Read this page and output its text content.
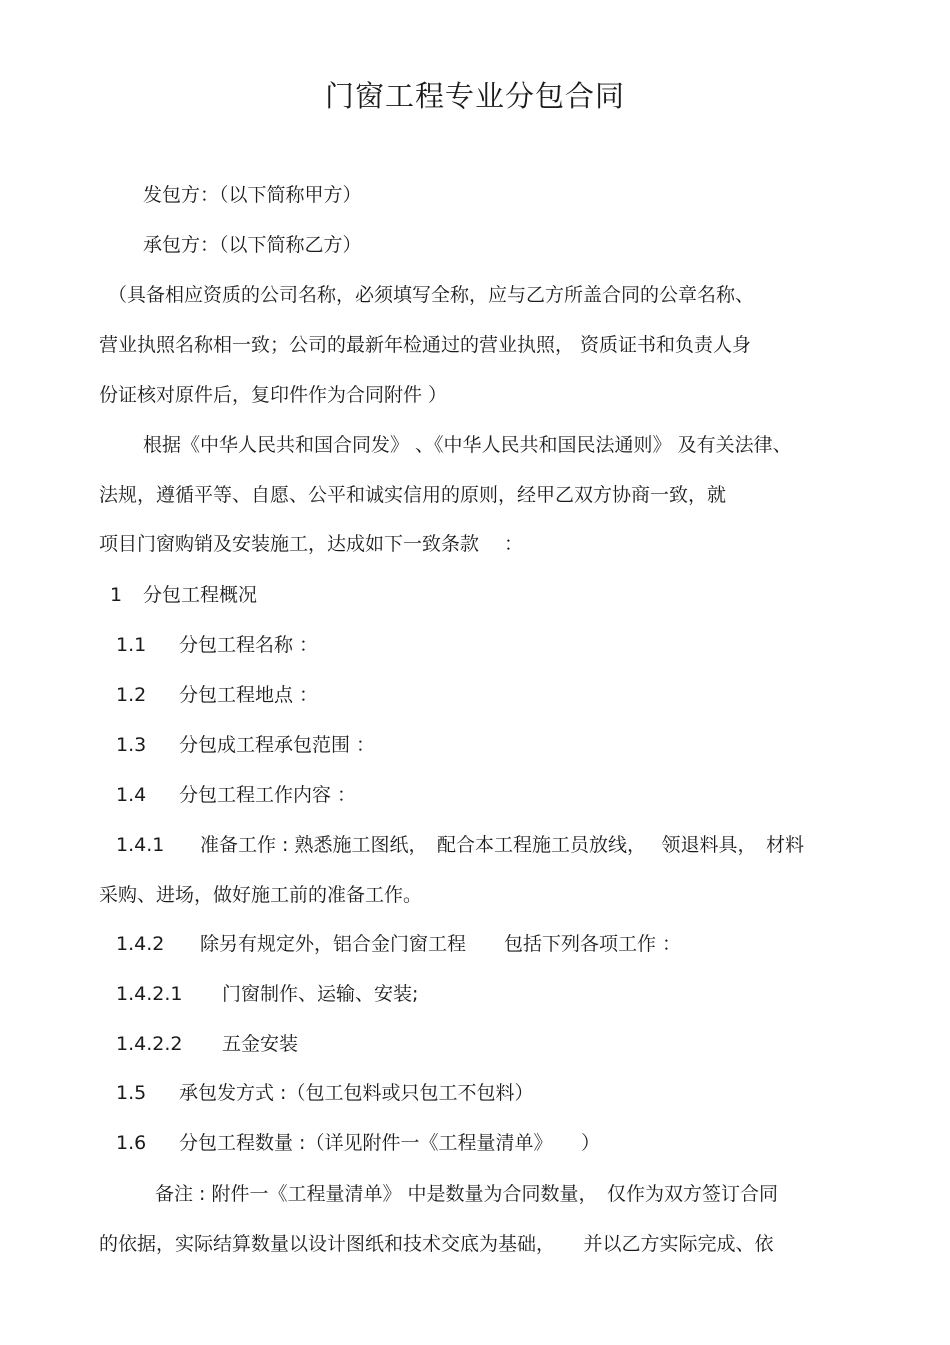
门窗工程专业分包合同
发包方：（以下简称甲方）
承包方：（以下简称乙方）
（具备相应资质的公司名称，必须填写全称，应与乙方所盖合同的公章名称、
营业执照名称相一致；公司的最新年检通过的营业执照， 资质证书和负责人身
份证核对原件后，复印件作为合同附件 ）
根据《中华人民共和国合同发》 、《中华人民共和国民法通则》 及有关法律、
法规，遵循平等、自愿、公平和诚实信用的原则，经甲乙双方协商一致，就
项目门窗购销及安装施工，达成如下一致条款　 ：
1 分包工程概况
1.1 分包工程名称 ：
1.2 分包工程地点 ：
1.3 分包成工程承包范围 ：
1.4 分包工程工作内容 ：
1.4.1 准备工作 : 熟悉施工图纸，　配合本工程施工员放线，　 领退料具，　材料
采购、进场，做好施工前的准备工作。
1.4.2 除另有规定外，铝合金门窗工程　　包括下列各项工作 ：
1.4.2.1 门窗制作、运输、安装;
1.4.2.2 五金安装
1.5 承包发方式 :（包工包料或只包工不包料）
1.6 分包工程数量 :（详见附件一《工程量清单》　　）
备注 : 附件一《工程量清单》 中是数量为合同数量，　仅作为双方签订合同
的依据，实际结算数量以设计图纸和技术交底为基础，　　并以乙方实际完成、依
